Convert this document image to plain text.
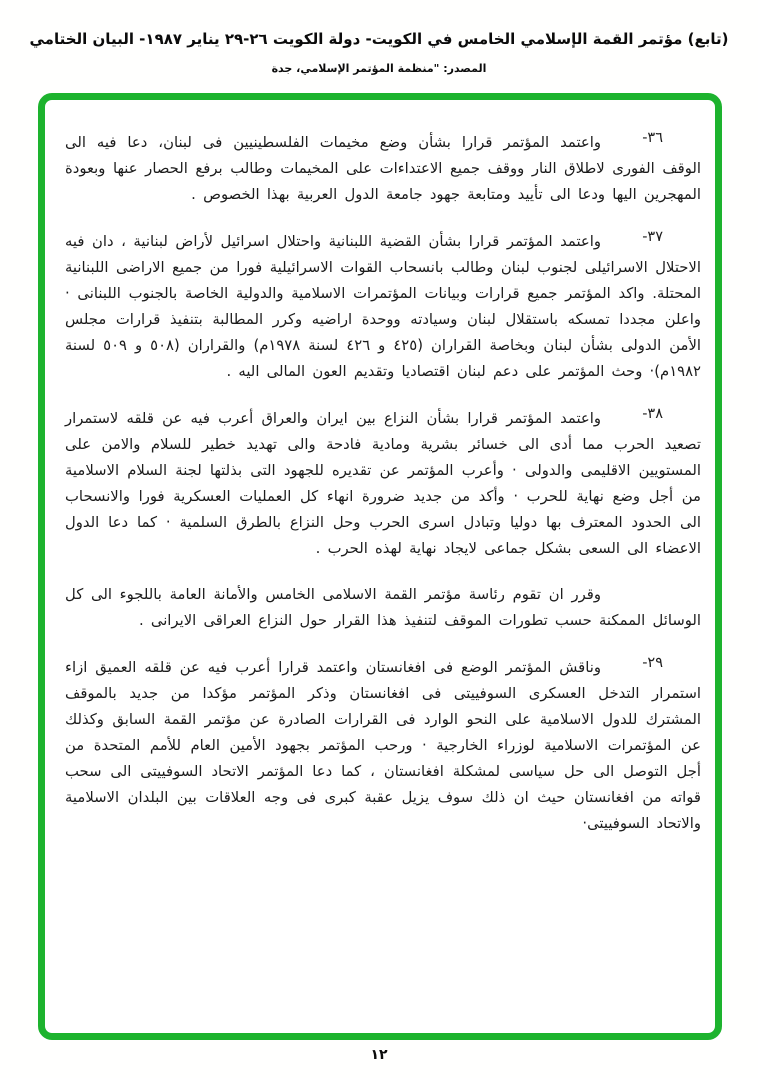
(تابع) مؤتمر القمة الإسلامي الخامس في الكويت- دولة الكويت ٢٦-٢٩ يناير ١٩٨٧- البيان الختامي
المصدر: "منظمة المؤتمر الإسلامي، جدة
٣٦-

واعتمد المؤتمر قرارا بشأن وضع مخيمات الفلسطينيين فى لبنان، دعا فيه الى الوقف الفورى لاطلاق النار ووقف جميع الاعتداءات على المخيمات وطالب برفع الحصار عنها وبعودة المهجرين اليها ودعا الى تأييد ومتابعة جهود جامعة الدول العربية بهذا الخصوص .

٣٧-

واعتمد المؤتمر قرارا بشأن القضية اللبنانية واحتلال اسرائيل لأراض لبنانية ، دان فيه الاحتلال الاسرائيلى لجنوب لبنان وطالب بانسحاب القوات الاسرائيلية فورا من جميع الاراضى اللبنانية المحتلة. واكد المؤتمر جميع قرارات وبيانات المؤتمرات الاسلامية والدولية الخاصة بالجنوب اللبنانى · واعلن مجددا تمسكه باستقلال لبنان وسيادته ووحدة اراضيه وكرر المطالبة بتنفيذ قرارات مجلس الأمن الدولى بشأن لبنان وبخاصة القراران (٤٢٥ و ٤٢٦ لسنة ١٩٧٨م) والقراران (٥٠٨ و ٥٠٩ لسنة ١٩٨٢م)· وحث المؤتمر على دعم لبنان اقتصاديا وتقديم العون المالى اليه .

٣٨-

واعتمد المؤتمر قرارا بشأن النزاع بين ايران والعراق أعرب فيه عن قلقه لاستمرار تصعيد الحرب مما أدى الى خسائر بشرية ومادية فادحة والى تهديد خطير للسلام والامن على المستويين الاقليمى والدولى · وأعرب المؤتمر عن تقديره للجهود التى بذلتها لجنة السلام الاسلامية من أجل وضع نهاية للحرب · وأكد من جديد ضرورة انهاء كل العمليات العسكرية فورا والانسحاب الى الحدود المعترف بها دوليا وتبادل اسرى الحرب وحل النزاع بالطرق السلمية · كما دعا الدول الاعضاء الى السعى بشكل جماعى لايجاد نهاية لهذه الحرب .

وقرر ان تقوم رئاسة مؤتمر القمة الاسلامى الخامس والأمانة العامة باللجوء الى كل الوسائل الممكنة حسب تطورات الموقف لتنفيذ هذا القرار حول النزاع العراقى الايرانى .

٢٩-

وناقش المؤتمر الوضع فى افغانستان واعتمد قرارا أعرب فيه عن قلقه العميق ازاء استمرار التدخل العسكرى السوفييتى فى افغانستان وذكر المؤتمر مؤكدا من جديد بالموقف المشترك للدول الاسلامية على النحو الوارد فى القرارات الصادرة عن مؤتمر القمة السابق وكذلك عن المؤتمرات الاسلامية لوزراء الخارجية · ورحب المؤتمر بجهود الأمين العام للأمم المتحدة من أجل التوصل الى حل سياسى لمشكلة افغانستان ، كما دعا المؤتمر الاتحاد السوفييتى الى سحب قواته من افغانستان حيث ان ذلك سوف يزيل عقبة كبرى فى وجه العلاقات بين البلدان الاسلامية والاتحاد السوفييتى·

١٢
